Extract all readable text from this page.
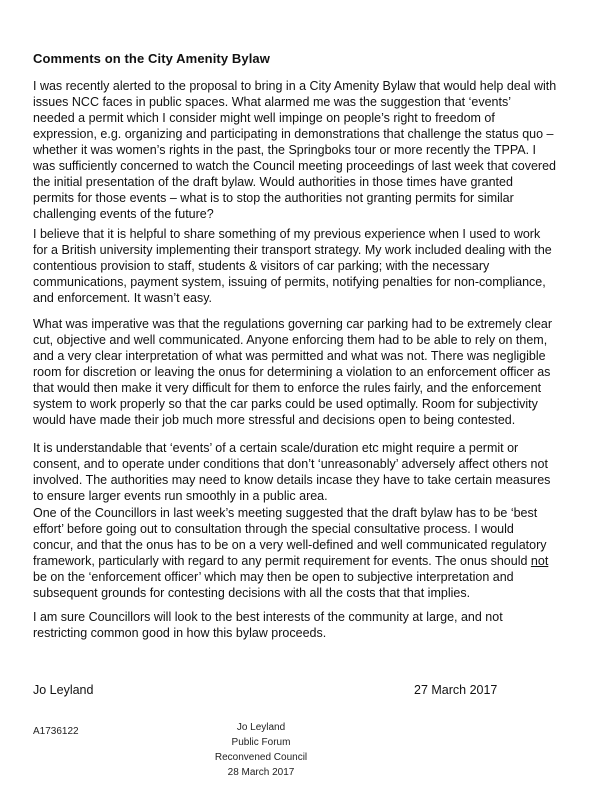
Comments on the City Amenity Bylaw
I was recently alerted to the proposal to bring in a City Amenity Bylaw that would help deal with
issues NCC faces in public spaces. What alarmed me was the suggestion that ‘events’
needed a permit which I consider might well impinge on people’s right to freedom of
expression, e.g. organizing and participating in demonstrations that challenge the status quo –
whether it was women’s rights in the past, the Springboks tour or more recently the TPPA. I
was sufficiently concerned to watch the Council meeting proceedings of last week that covered
the initial presentation of the draft bylaw. Would authorities in those times have granted
permits for those events – what is to stop the authorities not granting permits for similar
challenging events of the future?
I believe that it is helpful to share something of my previous experience when I used to work
for a British university implementing their transport strategy. My work included dealing with the
contentious provision to staff, students & visitors of car parking; with the necessary
communications, payment system, issuing of permits, notifying penalties for non-compliance,
and enforcement. It wasn’t easy.
What was imperative was that the regulations governing car parking had to be extremely clear
cut, objective and well communicated. Anyone enforcing them had to be able to rely on them,
and a very clear interpretation of what was permitted and what was not. There was negligible
room for discretion or leaving the onus for determining a violation to an enforcement officer as
that would then make it very difficult for them to enforce the rules fairly, and the enforcement
system to work properly so that the car parks could be used optimally. Room for subjectivity
would have made their job much more stressful and decisions open to being contested.
It is understandable that ‘events’ of a certain scale/duration etc might require a permit or
consent, and to operate under conditions that don’t ‘unreasonably’ adversely affect others not
involved. The authorities may need to know details incase they have to take certain measures
to ensure larger events run smoothly in a public area.
One of the Councillors in last week’s meeting suggested that the draft bylaw has to be ‘best
effort’ before going out to consultation through the special consultative process. I would
concur, and that the onus has to be on a very well-defined and well communicated regulatory
framework, particularly with regard to any permit requirement for events. The onus should not
be on the ‘enforcement officer’ which may then be open to subjective interpretation and
subsequent grounds for contesting decisions with all the costs that that implies.
I am sure Councillors will look to the best interests of the community at large, and not
restricting common good in how this bylaw proceeds.
Jo Leyland	27 March 2017
A1736122	Jo Leyland
Public Forum
Reconvened Council
28 March 2017
